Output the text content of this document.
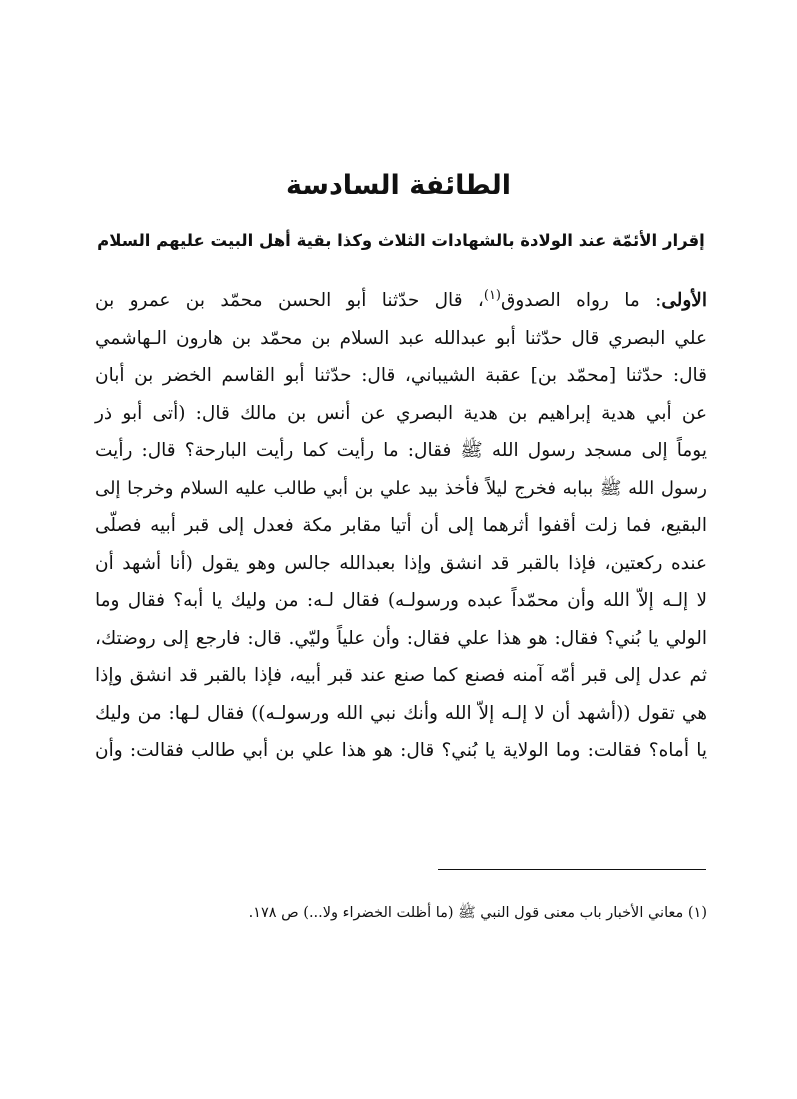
الطائفة السادسة
إقرار الأئمّة عند الولادة بالشهادات الثلاث وكذا بقية أهل البيت عليهم السلام
الأولى: ما رواه الصدوق$^{(١)}$، قال حدّثنا أبو الحسن محمّد بن عمرو بن
علي البصري قال حدّثنا أبو عبدالله عبد السلام بن محمّد بن هارون الـهاشمي
قال: حدّثنا [محمّد بن] عقبة الشيباني، قال: حدّثنا أبو القاسم الخضر بن أبان
عن أبي هدية إبراهيم بن هدية البصري عن أنس بن مالك قال: (أتى أبو ذر
يوماً إلى مسجد رسول الله ﷺ فقال: ما رأيت كما رأيت البارحة؟ قال: رأيت
رسول الله ﷺ ببابه فخرج ليلاً فأخذ بيد علي بن أبي طالب عليه السلام وخرجا إلى
البقيع، فما زلت أقفوا أثرهما إلى أن أتيا مقابر مكة فعدل إلى قبر أبيه فصلّى
عنده ركعتين، فإذا بالقبر قد انشق وإذا بعبدالله جالس وهو يقول (أنا أشهد أن
لا إلـه إلاّ الله وأن محمّداً عبده ورسولـه) فقال لـه: من وليك يا أبه؟ فقال وما
الولي يا بُني؟ فقال: هو هذا علي فقال: وأن علياً وليّي. قال: فارجع إلى روضتك،
ثم عدل إلى قبر أمّه آمنه فصنع كما صنع عند قبر أبيه، فإذا بالقبر قد انشق وإذا
هي تقول ((أشهد أن لا إلـه إلاّ الله وأنك نبي الله ورسولـه)) فقال لـها: من وليك
يا أماه؟ فقالت: وما الولاية يا بُني؟ قال: هو هذا علي بن أبي طالب فقالت: وأن

(١) معاني الأخبار باب معنى قول النبي ﷺ (ما أظلت الخضراء ولا...) ص ١٧٨.
